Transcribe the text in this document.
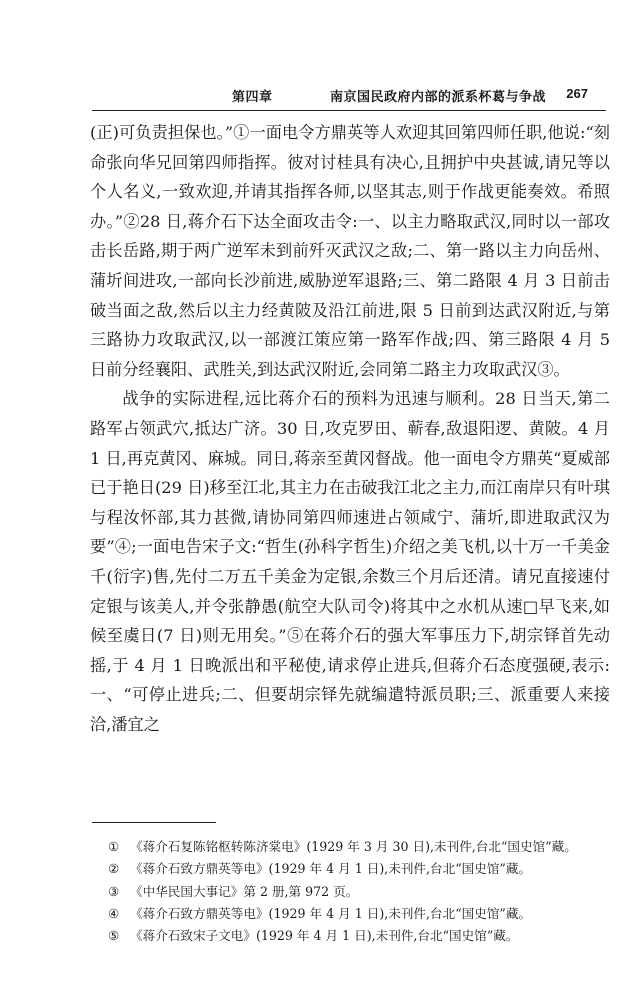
第四章	南京国民政府内部的派系杯葛与争战 267

(正)可负责担保也。”①一面电令方鼎英等人欢迎其回第四师任职,他说:“刻命张向华兄回第四师指挥。彼对讨桂具有决心,且拥护中央甚诚,请兄等以个人名义,一致欢迎,并请其指挥各师,以坚其志,则于作战更能奏效。希照办。”②28 日,蒋介石下达全面攻击令:一、以主力略取武汉,同时以一部攻击长岳路,期于两广逆军未到前歼灭武汉之敌;二、第一路以主力向岳州、蒲圻间进攻,一部向长沙前进,威胁逆军退路;三、第二路限 4 月 3 日前击破当面之敌,然后以主力经黄陂及沿江前进,限 5 日前到达武汉附近,与第三路协力攻取武汉,以一部渡江策应第一路军作战;四、第三路限 4 月 5 日前分经襄阳、武胜关,到达武汉附近,会同第二路主力攻取武汉③。

战争的实际进程,远比蒋介石的预料为迅速与顺利。28 日当天,第二路军占领武穴,抵达广济。30 日,攻克罗田、蕲春,敌退阳逻、黄陂。4 月 1 日,再克黄冈、麻城。同日,蒋亲至黄冈督战。他一面电令方鼎英“夏威部已于艳日(29 日)移至江北,其主力在击破我江北之主力,而江南岸只有叶琪与程汝怀部,其力甚微,请协同第四师速进占领咸宁、蒲圻,即进取武汉为要”④;一面电告宋子文:“哲生(孙科字哲生)介绍之美飞机,以十万一千美金千(衍字)售,先付二万五千美金为定银,余数三个月后还清。请兄直接速付定银与该美人,并令张静愚(航空大队司令)将其中之水机从速□早飞来,如候至虞日(7 日)则无用矣。”⑤在蒋介石的强大军事压力下,胡宗铎首先动摇,于 4 月 1 日晚派出和平秘使,请求停止进兵,但蒋介石态度强硬,表示:一、“可停止进兵;二、但要胡宗铎先就编遣特派员职;三、派重要人来接洽,潘宜之

① 《蒋介石复陈铭枢转陈济棠电》(1929 年 3 月 30 日),未刊件,台北“国史馆”藏。

② 《蒋介石致方鼎英等电》(1929 年 4 月 1 日),未刊件,台北“国史馆”藏。

③ 《中华民国大事记》第 2 册,第 972 页。

④ 《蒋介石致方鼎英等电》(1929 年 4 月 1 日),未刊件,台北“国史馆”藏。

⑤ 《蒋介石致宋子文电》(1929 年 4 月 1 日),未刊件,台北“国史馆”藏。
